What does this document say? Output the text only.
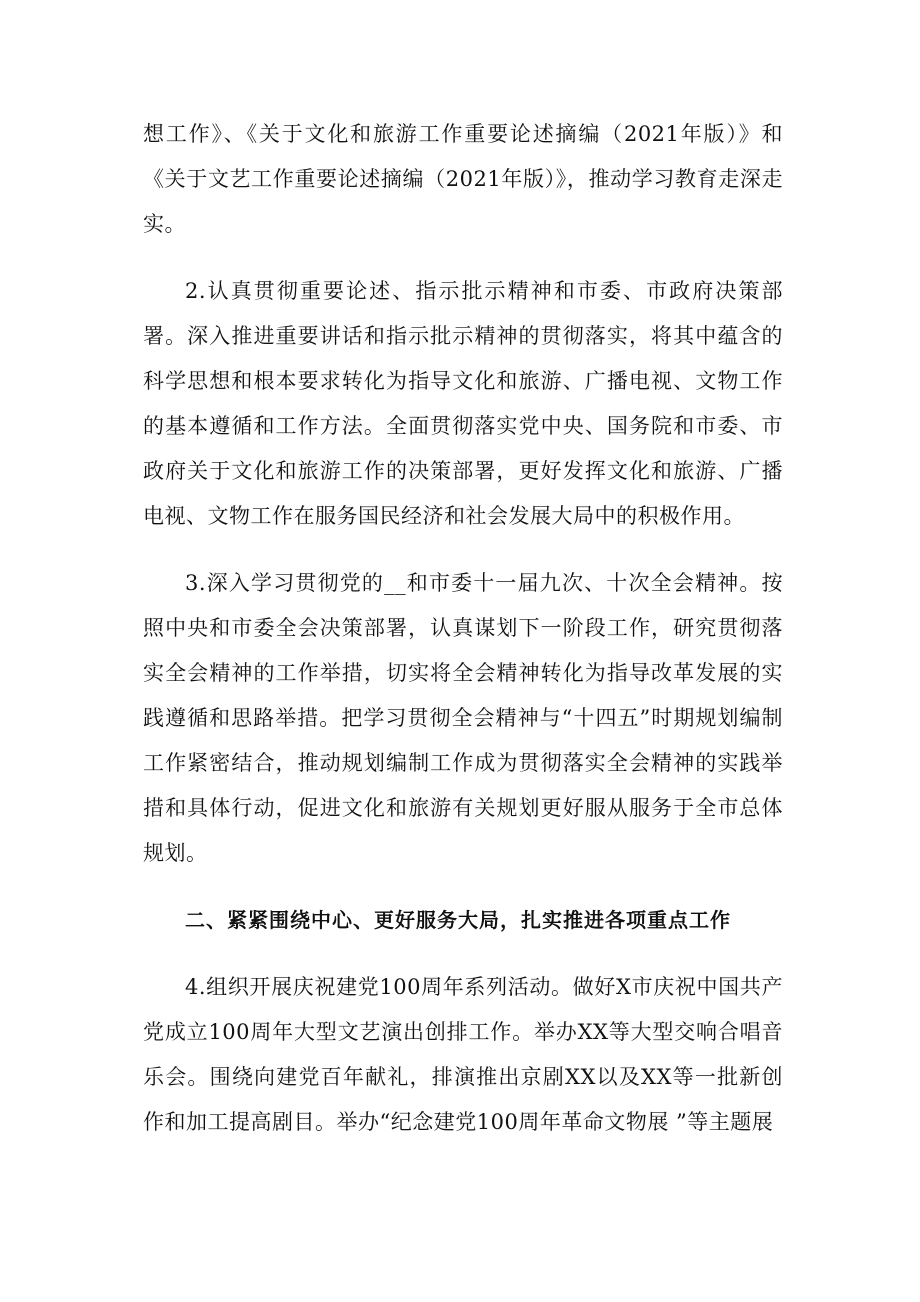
想工作》、《关于文化和旅游工作重要论述摘编（2021年版）》和《关于文艺工作重要论述摘编（2021年版）》，推动学习教育走深走实。

2.认真贯彻重要论述、指示批示精神和市委、市政府决策部署。深入推进重要讲话和指示批示精神的贯彻落实，将其中蕴含的科学思想和根本要求转化为指导文化和旅游、广播电视、文物工作的基本遵循和工作方法。全面贯彻落实党中央、国务院和市委、市政府关于文化和旅游工作的决策部署，更好发挥文化和旅游、广播电视、文物工作在服务国民经济和社会发展大局中的积极作用。

3.深入学习贯彻党的__和市委十一届九次、十次全会精神。按照中央和市委全会决策部署，认真谋划下一阶段工作，研究贯彻落实全会精神的工作举措，切实将全会精神转化为指导改革发展的实践遵循和思路举措。把学习贯彻全会精神与“十四五”时期规划编制工作紧密结合，推动规划编制工作成为贯彻落实全会精神的实践举措和具体行动，促进文化和旅游有关规划更好服从服务于全市总体规划。

二、紧紧围绕中心、更好服务大局，扎实推进各项重点工作

4.组织开展庆祝建党100周年系列活动。做好X市庆祝中国共产党成立100周年大型文艺演出创排工作。举办XX等大型交响合唱音乐会。围绕向建党百年献礼，排演推出京剧XX以及XX等一批新创作和加工提高剧目。举办“纪念建党100周年革命文物展 ”等主题展
